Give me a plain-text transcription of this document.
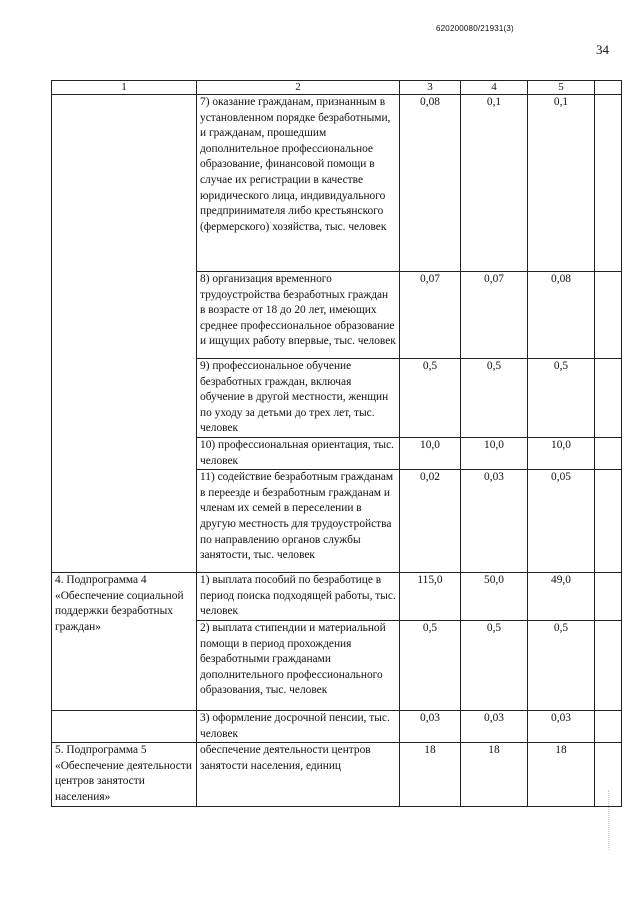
620200080/21931(3)
34
1	2	3	4	5	
	7) оказание гражданам, признанным в установленном порядке безработными, и гражданам, прошедшим дополнительное профессиональное образование, финансовой помощи в случае их регистрации в качестве юридического лица, индивидуального предпринимателя либо крестьянского (фермерского) хозяйства, тыс. человек	0,08	0,1	0,1	
	8) организация временного трудоустройства безработных граждан в возрасте от 18 до 20 лет, имеющих среднее профессиональное образование и ищущих работу впервые, тыс. человек	0,07	0,07	0,08	
	9) профессиональное обучение безработных граждан, включая обучение в другой местности, женщин по уходу за детьми до трех лет, тыс. человек	0,5	0,5	0,5	
	10) профессиональная ориентация, тыс. человек	10,0	10,0	10,0	
	11) содействие безработным гражданам в переезде и безработным гражданам и членам их семей в переселении в другую местность для трудоустройства по направлению органов службы занятости, тыс. человек	0,02	0,03	0,05	
4. Подпрограмма 4 «Обеспечение социальной поддержки безработных граждан»	1) выплата пособий по безработице в период поиска подходящей работы, тыс. человек	115,0	50,0	49,0	
	2) выплата стипендии и материальной помощи в период прохождения безработными гражданами дополнительного профессионального образования, тыс. человек	0,5	0,5	0,5	
	3) оформление досрочной пенсии, тыс. человек	0,03	0,03	0,03	
5. Подпрограмма 5 «Обеспечение деятельности центров занятости населения»	обеспечение деятельности центров занятости населения, единиц	18	18	18	
